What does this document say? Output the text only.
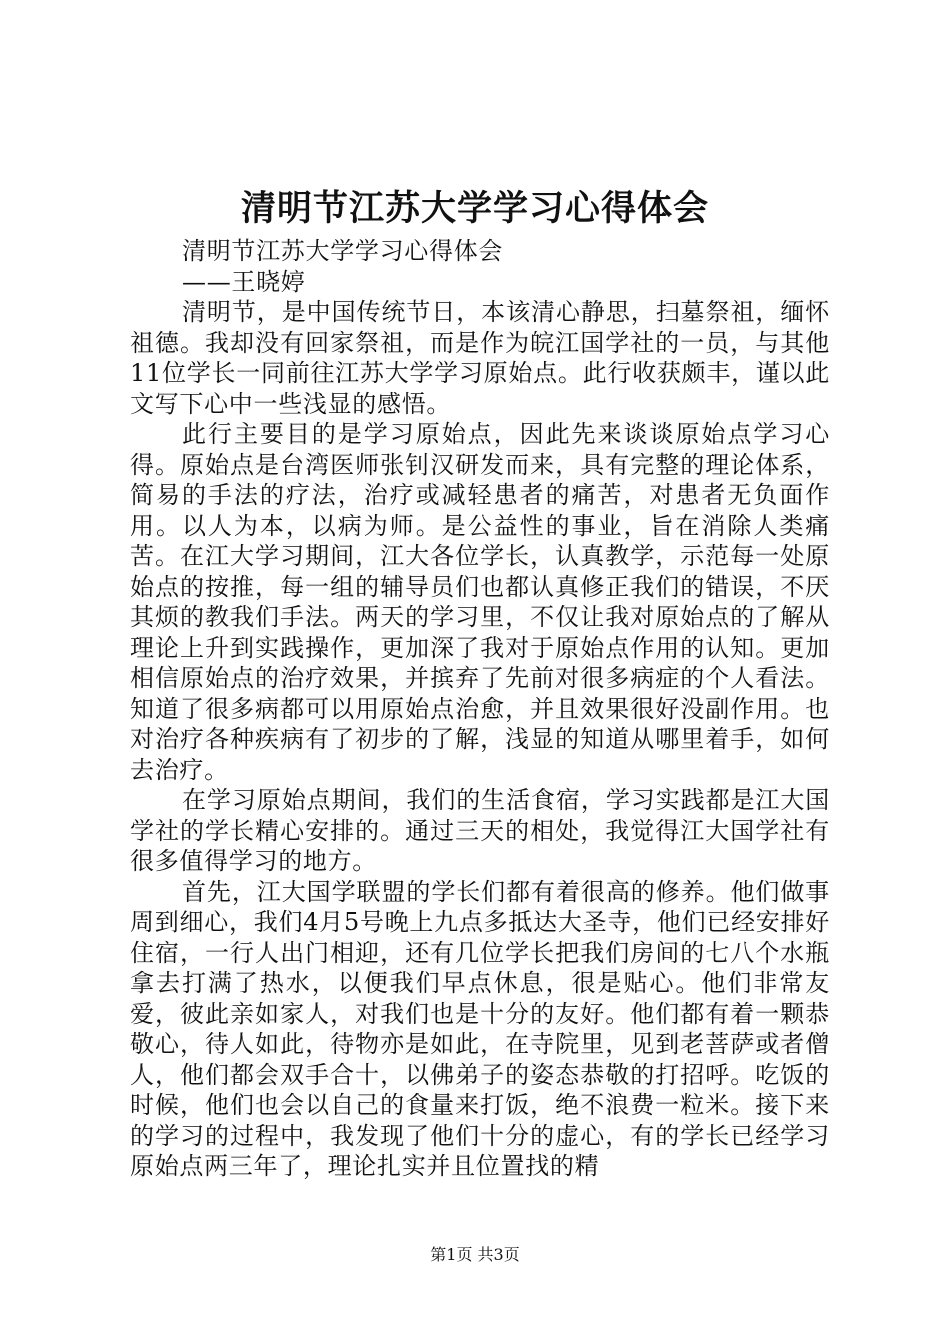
清明节江苏大学学习心得体会

清明节江苏大学学习心得体会

——王晓婷

清明节，是中国传统节日，本该清心静思，扫墓祭祖，缅怀祖德。我却没有回家祭祖，而是作为皖江国学社的一员，与其他11位学长一同前往江苏大学学习原始点。此行收获颇丰，谨以此文写下心中一些浅显的感悟。

此行主要目的是学习原始点，因此先来谈谈原始点学习心得。原始点是台湾医师张钊汉研发而来，具有完整的理论体系，简易的手法的疗法，治疗或减轻患者的痛苦，对患者无负面作用。以人为本，以病为师。是公益性的事业，旨在消除人类痛苦。在江大学习期间，江大各位学长，认真教学，示范每一处原始点的按推，每一组的辅导员们也都认真修正我们的错误，不厌其烦的教我们手法。两天的学习里，不仅让我对原始点的了解从理论上升到实践操作，更加深了我对于原始点作用的认知。更加相信原始点的治疗效果，并摈弃了先前对很多病症的个人看法。知道了很多病都可以用原始点治愈，并且效果很好没副作用。也对治疗各种疾病有了初步的了解，浅显的知道从哪里着手，如何去治疗。

在学习原始点期间，我们的生活食宿，学习实践都是江大国学社的学长精心安排的。通过三天的相处，我觉得江大国学社有很多值得学习的地方。

首先，江大国学联盟的学长们都有着很高的修养。他们做事周到细心，我们4月5号晚上九点多抵达大圣寺，他们已经安排好住宿，一行人出门相迎，还有几位学长把我们房间的七八个水瓶拿去打满了热水，以便我们早点休息，很是贴心。他们非常友爱，彼此亲如家人，对我们也是十分的友好。他们都有着一颗恭敬心，待人如此，待物亦是如此，在寺院里，见到老菩萨或者僧人，他们都会双手合十，以佛弟子的姿态恭敬的打招呼。吃饭的时候，他们也会以自己的食量来打饭，绝不浪费一粒米。接下来的学习的过程中，我发现了他们十分的虚心，有的学长已经学习原始点两三年了，理论扎实并且位置找的精

第1页 共3页
